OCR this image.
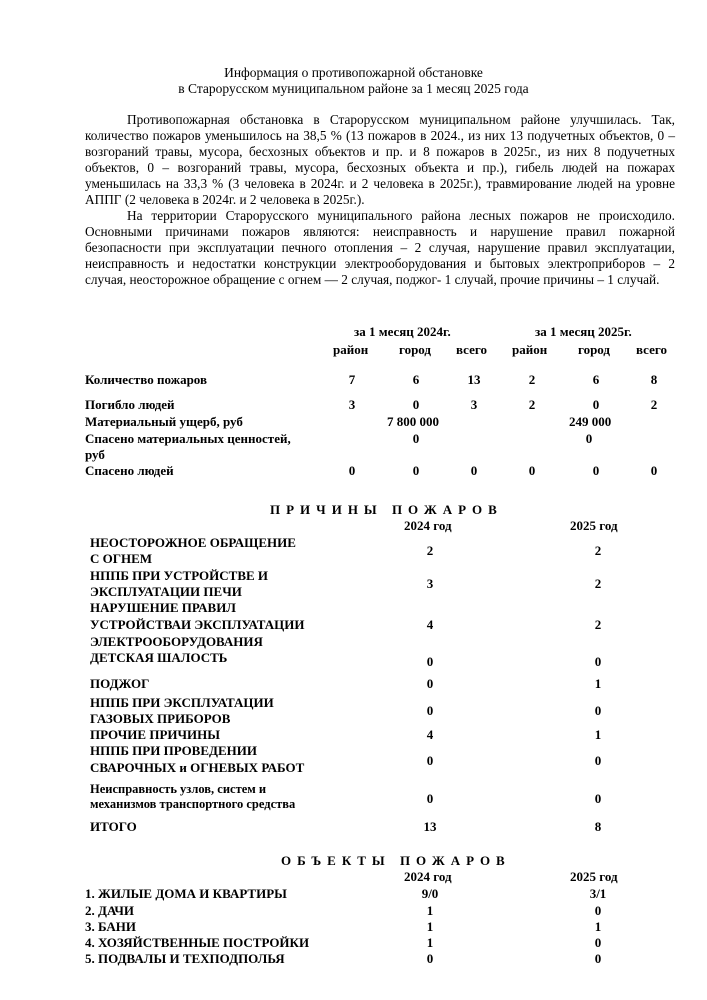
Информация о противопожарной обстановке
в Старорусском муниципальном районе за 1 месяц 2025 года

Противопожарная обстановка в Старорусском муниципальном районе улучшилась. Так, количество пожаров уменьшилось на 38,5 % (13 пожаров в 2024., из них 13 подучетных объектов, 0 – возгораний травы, мусора, бесхозных объектов и пр. и 8 пожаров в 2025г., из них 8 подучетных объектов, 0 – возгораний травы, мусора, бесхозных объекта и пр.), гибель людей на пожарах уменьшилась на 33,3 % (3 человека в 2024г. и 2 человека в 2025г.), травмирование людей на уровне АППГ (2 человека в 2024г. и 2 человека в 2025г.).

На территории Старорусского муниципального района лесных пожаров не происходило. Основными причинами пожаров являются: неисправность и нарушение правил пожарной безопасности при эксплуатации печного отопления – 2 случая, нарушение правил эксплуатации, неисправность и недостатки конструкции электрооборудования и бытовых электроприборов – 2 случая, неосторожное обращение с огнем — 2 случая, поджог- 1 случай, прочие причины – 1 случай.

за 1 месяц 2024г.	за 1 месяц 2025г.
район город всего район город всего
Количество пожаров	7	6	13	2	6	8
Погибло людей	3	0	3	2	0	2
Материальный ущерб, руб	7 800 000	249 000
Спасено материальных ценностей,
руб
0	0
Спасено людей	0	0	0	0	0	0
ПРИЧИНЫ ПОЖАРОВ
2024 год	2025 год
НЕОСТОРОЖНОЕ ОБРАЩЕНИЕ
С ОГНЕМ
2	2
НППБ ПРИ УСТРОЙСТВЕ И
ЭКСПЛУАТАЦИИ ПЕЧИ
3	2
НАРУШЕНИЕ ПРАВИЛ
УСТРОЙСТВАИ ЭКСПЛУАТАЦИИ
ЭЛЕКТРООБОРУДОВАНИЯ
4	2
ДЕТСКАЯ ШАЛОСТЬ	0	0
ПОДЖОГ	0	1
НППБ ПРИ ЭКСПЛУАТАЦИИ
ГАЗОВЫХ ПРИБОРОВ
0	0
ПРОЧИЕ ПРИЧИНЫ	4	1
НППБ ПРИ ПРОВЕДЕНИИ
СВАРОЧНЫХ и ОГНЕВЫХ РАБОТ	0	0
Неисправность узлов, систем и
механизмов транспортного средства	0	0
ИТОГО	13	8
ОБЪЕКТЫ ПОЖАРОВ
2024 год	2025 год
1. ЖИЛЫЕ ДОМА И КВАРТИРЫ	9/0	3/1
2. ДАЧИ	1	0
3. БАНИ	1	1
4. ХОЗЯЙСТВЕННЫЕ ПОСТРОЙКИ	1	0
5. ПОДВАЛЫ И ТЕХПОДПОЛЬЯ	0	0
